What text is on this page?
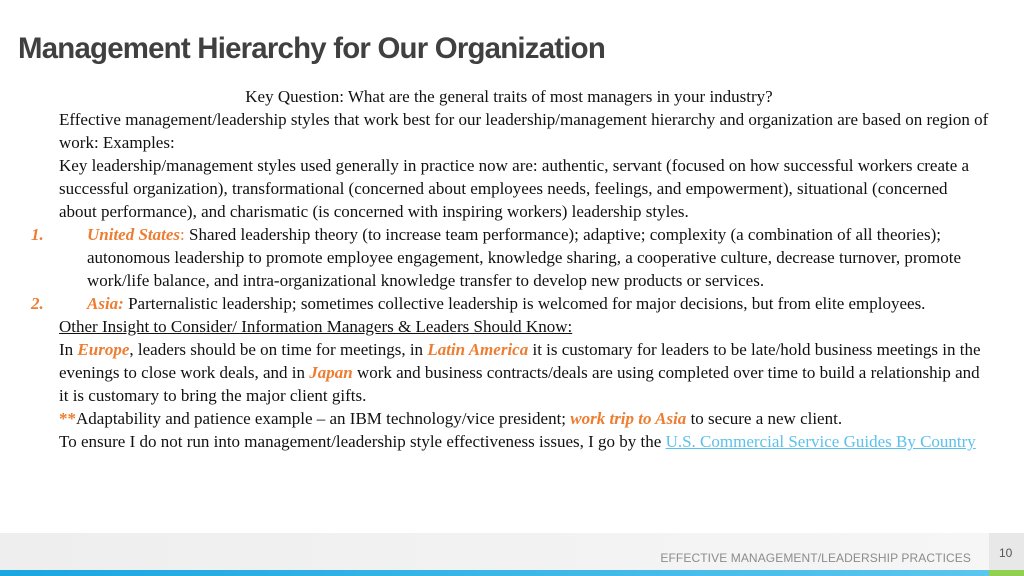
Management Hierarchy for Our Organization
Key Question: What are the general traits of most managers in your industry?
Effective management/leadership styles that work best for our leadership/management hierarchy and organization are based on region of work: Examples:
Key leadership/management styles used generally in practice now are: authentic, servant (focused on how successful workers create a successful organization), transformational (concerned about employees needs, feelings, and empowerment), situational (concerned about performance), and charismatic (is concerned with inspiring workers) leadership styles.
1.	United States: Shared leadership theory (to increase team performance); adaptive; complexity (a combination of all theories); autonomous leadership to promote employee engagement, knowledge sharing, a cooperative culture, decrease turnover, promote work/life balance, and intra-organizational knowledge transfer to develop new products or services.
2.	Asia: Parternalistic leadership; sometimes collective leadership is welcomed for major decisions, but from elite employees.
Other Insight to Consider/ Information Managers & Leaders Should Know:
In Europe, leaders should be on time for meetings, in Latin America it is customary for leaders to be late/hold business meetings in the evenings to close work deals, and in Japan work and business contracts/deals are using completed over time to build a relationship and it is customary to bring the major client gifts.
**Adaptability and patience example – an IBM technology/vice president; work trip to Asia to secure a new client.
To ensure I do not run into management/leadership style effectiveness issues, I go by the U.S. Commercial Service Guides By Country
EFFECTIVE MANAGEMENT/LEADERSHIP PRACTICES 10
